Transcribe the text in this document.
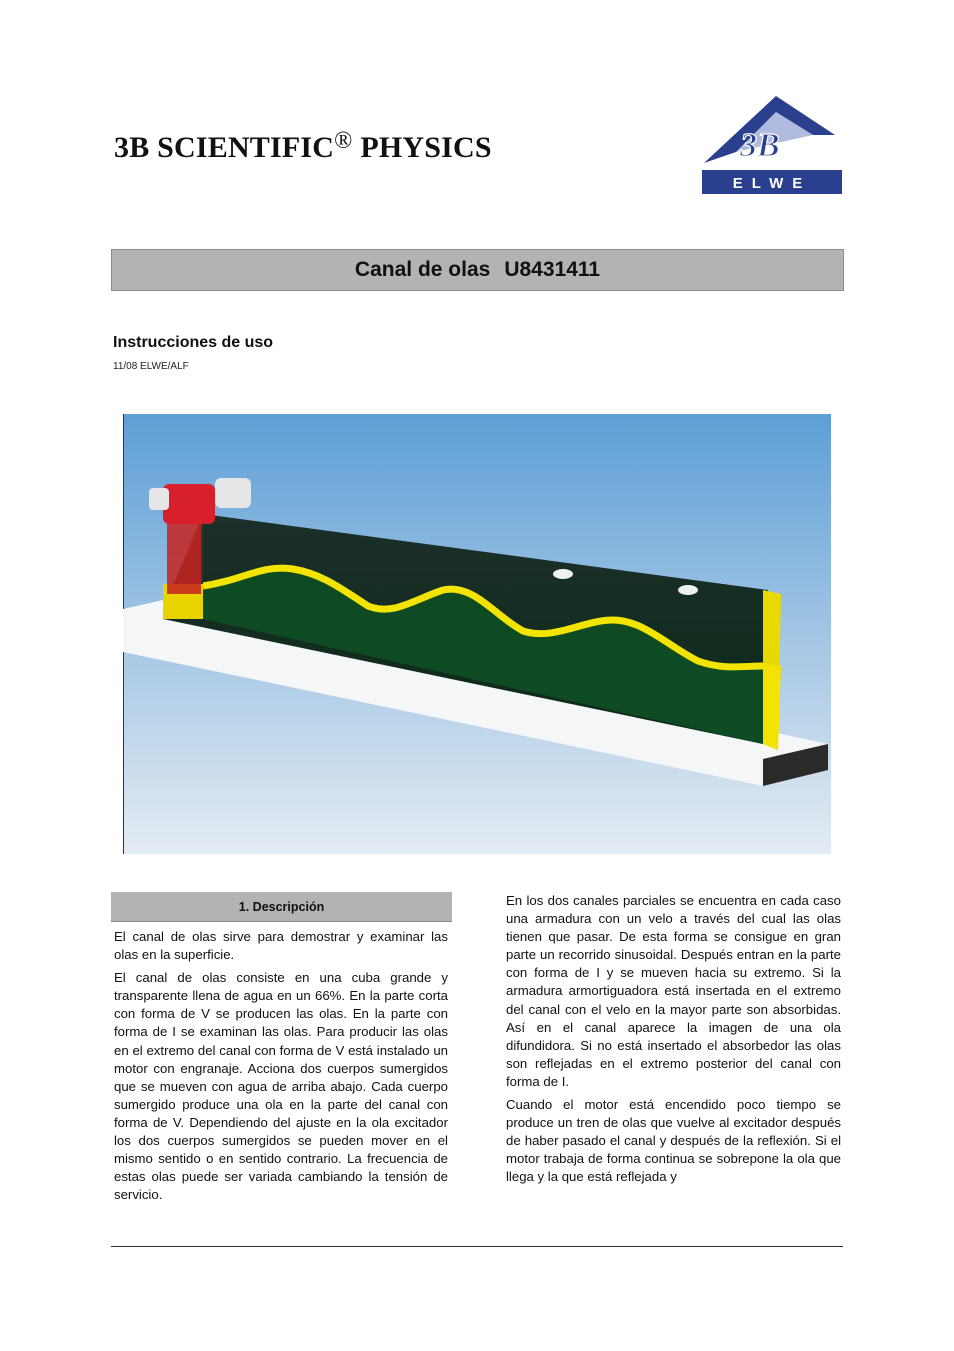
3B SCIENTIFIC® PHYSICS	3B
ELWE
Canal de olas U8431411
Instrucciones de uso
11/08 ELWE/ALF
1. Descripción

El canal de olas sirve para demostrar y examinar las olas en la superficie.

El canal de olas consiste en una cuba grande y transparente llena de agua en un 66%. En la parte corta con forma de V se producen las olas. En la parte con forma de I se examinan las olas. Para producir las olas en el extremo del canal con forma de V está instalado un motor con engranaje. Acciona dos cuerpos sumergidos que se mueven con agua de arriba abajo. Cada cuerpo sumergido produce una ola en la parte del canal con forma de V. Dependiendo del ajuste en la ola excitador los dos cuerpos sumergidos se pueden mover en el mismo sentido o en sentido contrario. La frecuencia de estas olas puede ser variada cambiando la tensión de servicio.

En los dos canales parciales se encuentra en cada caso una armadura con un velo a través del cual las olas tienen que pasar. De esta forma se consigue en gran parte un recorrido sinusoidal. Después entran en la parte con forma de I y se mueven hacia su extremo. Si la armadura armortiguadora está insertada en el extremo del canal con el velo en la mayor parte son absorbidas. Así en el canal aparece la imagen de una ola difundidora. Si no está insertado el absorbedor las olas son reflejadas en el extremo posterior del canal con forma de I.

Cuando el motor está encendido poco tiempo se produce un tren de olas que vuelve al excitador después de haber pasado el canal y después de la reflexión. Si el motor trabaja de forma continua se sobrepone la ola que llega y la que está reflejada y
